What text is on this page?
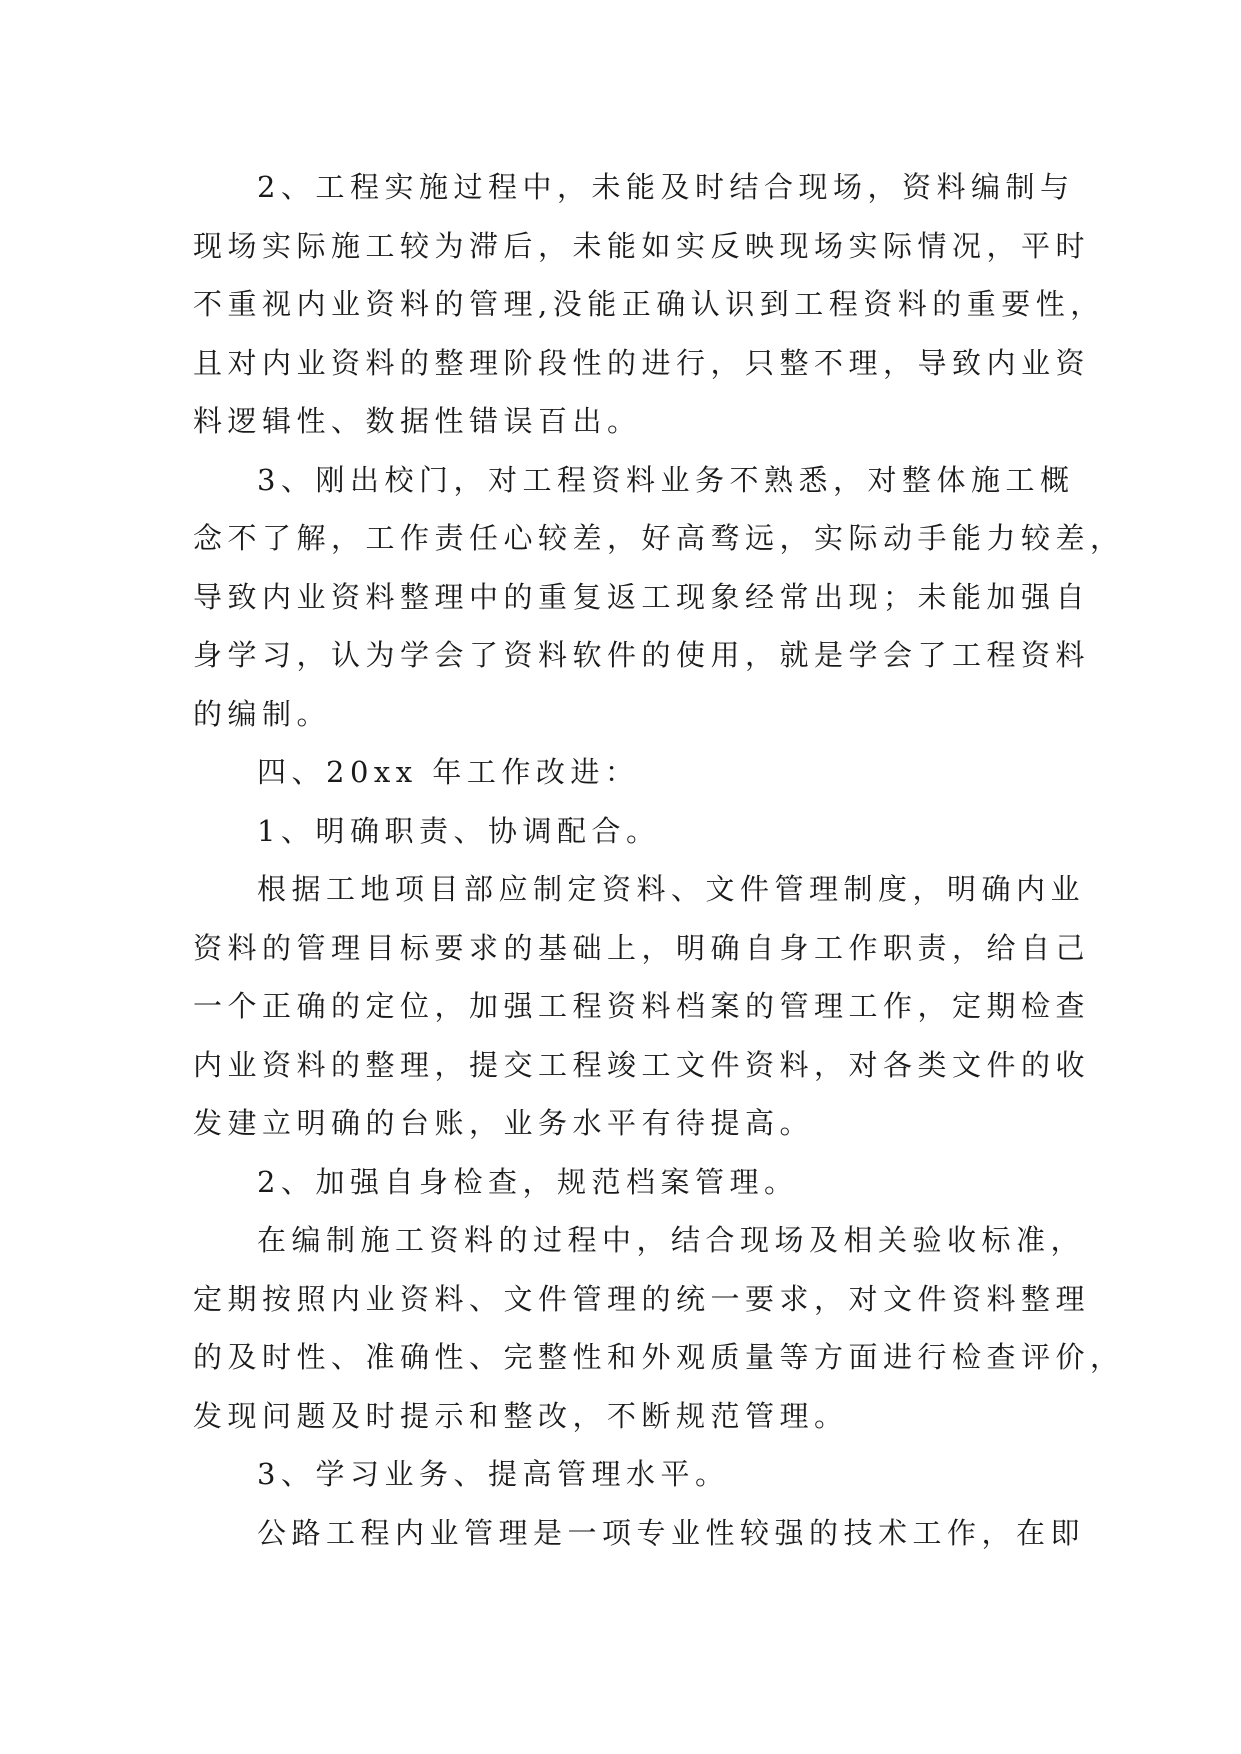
2、工程实施过程中，未能及时结合现场，资料编制与
现场实际施工较为滞后，未能如实反映现场实际情况，平时
不重视内业资料的管理,没能正确认识到工程资料的重要性，
且对内业资料的整理阶段性的进行，只整不理，导致内业资
料逻辑性、数据性错误百出。
3、刚出校门，对工程资料业务不熟悉，对整体施工概
念不了解，工作责任心较差，好高骛远，实际动手能力较差，
导致内业资料整理中的重复返工现象经常出现；未能加强自
身学习，认为学会了资料软件的使用，就是学会了工程资料
的编制。
四、20xx 年工作改进：
1、明确职责、协调配合。
根据工地项目部应制定资料、文件管理制度，明确内业
资料的管理目标要求的基础上，明确自身工作职责，给自己
一个正确的定位，加强工程资料档案的管理工作，定期检查
内业资料的整理，提交工程竣工文件资料，对各类文件的收
发建立明确的台账，业务水平有待提高。
2、加强自身检查，规范档案管理。
在编制施工资料的过程中，结合现场及相关验收标准，
定期按照内业资料、文件管理的统一要求，对文件资料整理
的及时性、准确性、完整性和外观质量等方面进行检查评价，
发现问题及时提示和整改，不断规范管理。
3、学习业务、提高管理水平。
公路工程内业管理是一项专业性较强的技术工作，在即
